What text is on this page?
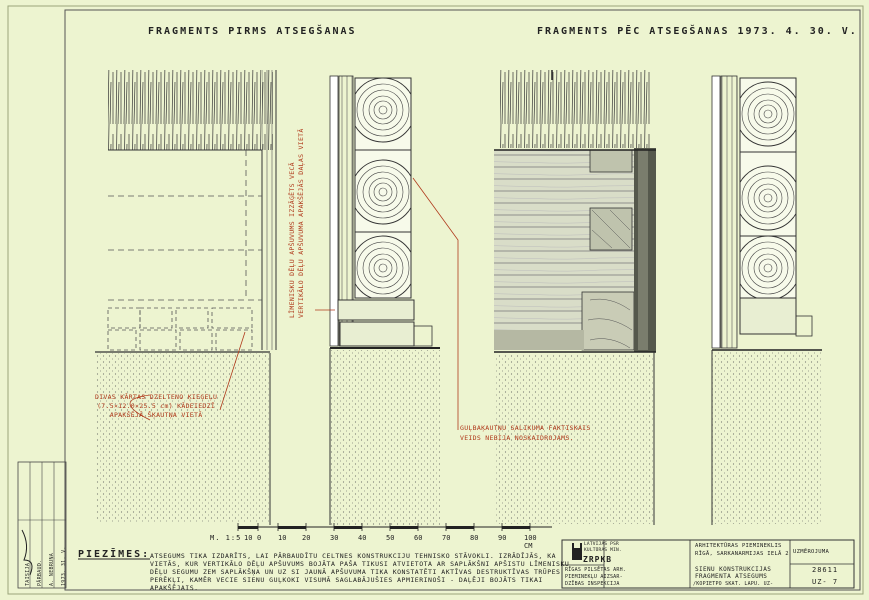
FRAGMENTS PIRMS ATSEGŠANAS	FRAGMENTS PĒC ATSEGŠANAS 1973. 4. 30. V.
LĪMENISKU DĒĻU APŠUVUMS IZZĀĢĒTS VECĀ VERTIKĀLO DĒĻU APŠUVUMA APAKŠĒJĀS DAĻAS VIETĀ
DIVAS KĀRTAS DZELTENO ĶIEĢEĻU
(7.5×12.0×25.5 cm) KĀDEIEDZĪ
APAKŠĒJĀ ŠĶAUTŅA VIETĀ
GUĻBAĶAUTŅU SALIKUMA FAKTISKAIS
VEIDS NEBIJA NOSKAIDROJAMS.
M. 1:5 10 0 10 20	30	40	50	60	70	80	90	100 CM
PIEZĪMES: ATSEGUMS TIKA IZDARĪTS, LAI PĀRBAUDĪTU CELTNES KONSTRUKCIJU TEHNISKO STĀVOKLI. IZRĀDĪJĀS, KA
VIETĀS, KUR VERTIKĀLO DĒĻU APŠUVUMS BOJĀTA PAŠA TIKUSI ATVIETOTA AR SAPLĀKŠNI APŠISTU LĪMENISKU
DĒĻU SEGUMU ZEM SAPLĀKŠŅA UN UZ SI JAUNĀ APŠUVUMA TIKA KONSTATĒTI AKTĪVAS DESTRUKTĪVAS TRŪPES
PERĒKĻI, KAMĒR VECIE SIENU GUĻKOKI VISUMĀ SAGLABĀJUŠIES APMIERINOŠI - DAĻĒJI BOJĀTS TIKAI
APAKŠĒJAIS.
TAISIJA	PĀRBAUD.	A. NEBRUŅA	1973. 31. V.
LATVIJAS PSR
KULTŪRAS MIN.
ZRPKB
RĪGAS PILSĒTAS ARH.
PIEMINEKĻU AIZSAR-
DZĪBAS INSPEKCIJA
ARHITEKTŪRAS PIEMINEKLIS
RĪGĀ, SARKANARMIJAS IELĀ 2
SIENU KONSTRUKCIJAS
FRAGMENTA ATSEGUMS
/KOPIETPO SKAT. LAPU. UZ-
UZMĒROJUMA
28611
UZ- 7
